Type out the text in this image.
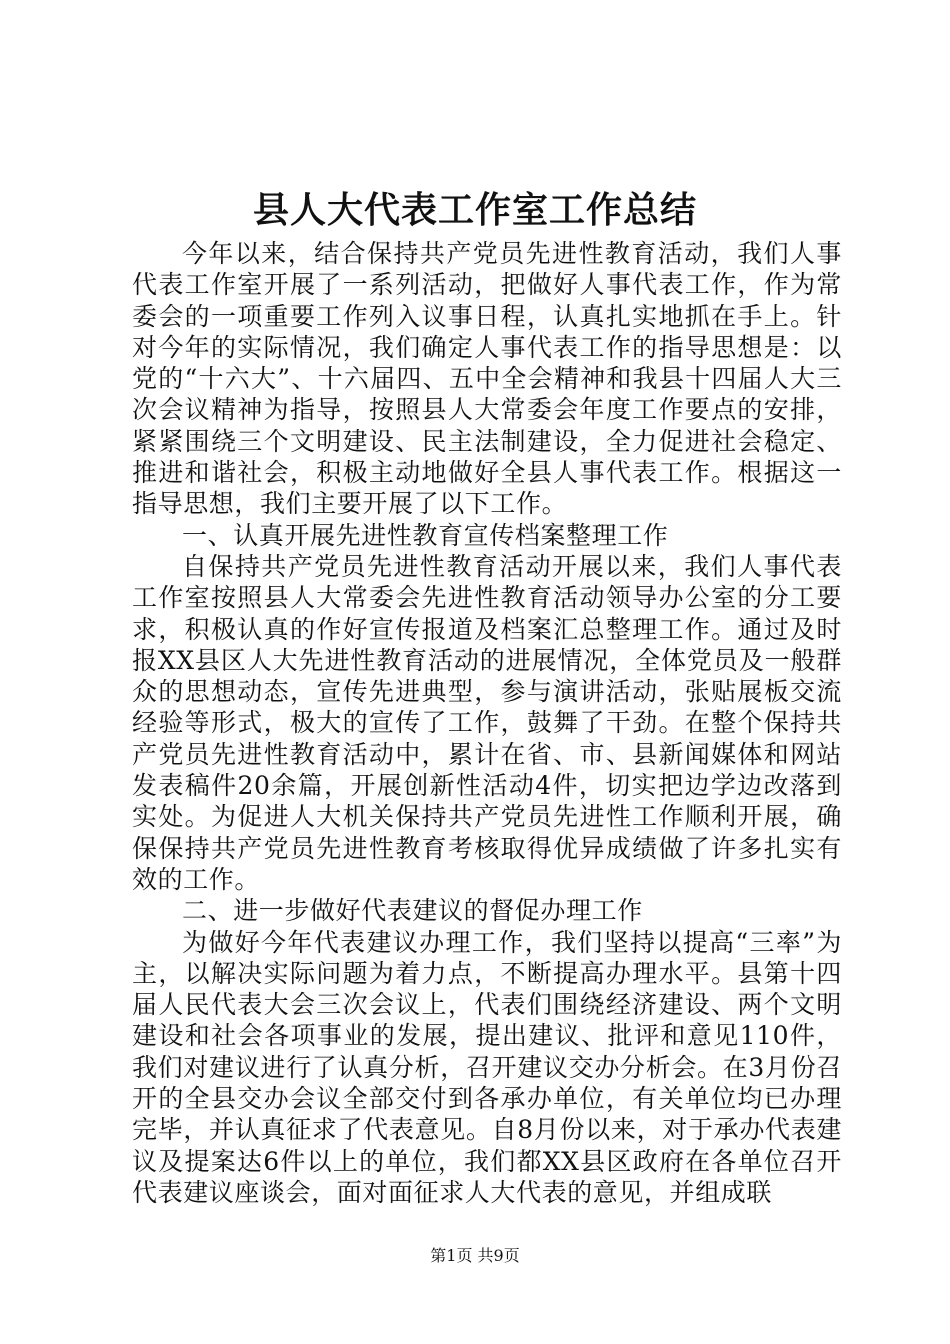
县人大代表工作室工作总结

今年以来，结合保持共产党员先进性教育活动，我们人事代表工作室开展了一系列活动，把做好人事代表工作，作为常委会的一项重要工作列入议事日程，认真扎实地抓在手上。针对今年的实际情况，我们确定人事代表工作的指导思想是：以党的“十六大”、十六届四、五中全会精神和我县十四届人大三次会议精神为指导，按照县人大常委会年度工作要点的安排，紧紧围绕三个文明建设、民主法制建设，全力促进社会稳定、推进和谐社会，积极主动地做好全县人事代表工作。根据这一指导思想，我们主要开展了以下工作。

一、认真开展先进性教育宣传档案整理工作

自保持共产党员先进性教育活动开展以来，我们人事代表工作室按照县人大常委会先进性教育活动领导办公室的分工要求，积极认真的作好宣传报道及档案汇总整理工作。通过及时报XX县区人大先进性教育活动的进展情况，全体党员及一般群众的思想动态，宣传先进典型，参与演讲活动，张贴展板交流经验等形式，极大的宣传了工作，鼓舞了干劲。在整个保持共产党员先进性教育活动中，累计在省、市、县新闻媒体和网站发表稿件20余篇，开展创新性活动4件，切实把边学边改落到实处。为促进人大机关保持共产党员先进性工作顺利开展，确保保持共产党员先进性教育考核取得优异成绩做了许多扎实有效的工作。

二、进一步做好代表建议的督促办理工作

为做好今年代表建议办理工作，我们坚持以提高“三率”为主，以解决实际问题为着力点，不断提高办理水平。县第十四届人民代表大会三次会议上，代表们围绕经济建设、两个文明建设和社会各项事业的发展，提出建议、批评和意见110件，我们对建议进行了认真分析，召开建议交办分析会。在3月份召开的全县交办会议全部交付到各承办单位，有关单位均已办理完毕，并认真征求了代表意见。自8月份以来，对于承办代表建议及提案达6件以上的单位，我们都XX县区政府在各单位召开代表建议座谈会，面对面征求人大代表的意见，并组成联

第1页 共9页
